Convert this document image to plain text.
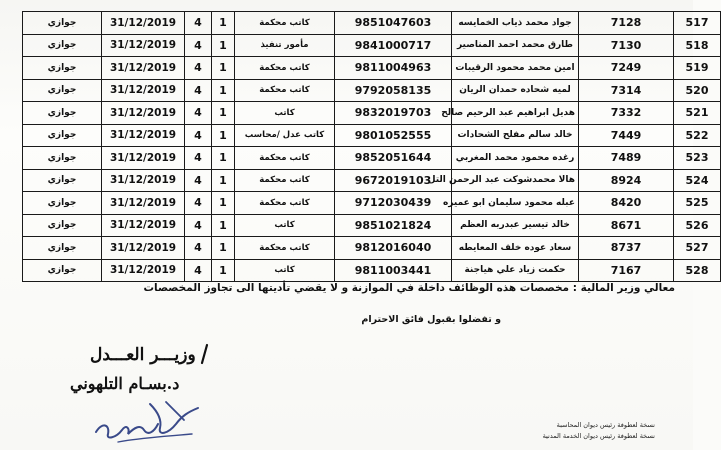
جوازي	31/12/2019	4	1	كاتب محكمة	9851047603	جواد محمد ذياب الخمايسه	7128	517
جوازي	31/12/2019	4	1	مأمور تنفيذ	9841000717	طارق محمد احمد المناصير	7130	518
جوازي	31/12/2019	4	1	كاتب محكمة	9811004963	امين محمد محمود الرقيبات	7249	519
جوازي	31/12/2019	4	1	كاتب محكمة	9792058135	لميه شحاده حمدان الريان	7314	520
جوازي	31/12/2019	4	1	كاتب	9832019703	هديل ابراهيم عبد الرحيم صالح	7332	521
جوازي	31/12/2019	4	1	كاتب عدل /محاسب	9801052555	خالد سالم مفلح الشحادات	7449	522
جوازي	31/12/2019	4	1	كاتب محكمة	9852051644	رغده محمود محمد المغربي	7489	523
جوازي	31/12/2019	4	1	كاتب محكمة	9672019103	هالا محمدشوكت عبد الرحمن التل	8924	524
جوازي	31/12/2019	4	1	كاتب محكمة	9712030439	عبله محمود سليمان ابو عميره	8420	525
جوازي	31/12/2019	4	1	كاتب	9851021824	خالد تيسير عبدربه العظم	8671	526
جوازي	31/12/2019	4	1	كاتب محكمة	9812016040	سعاد عوده خلف المعايطه	8737	527
جوازي	31/12/2019	4	1	كاتب	9811003441	حكمت زياد علي هياجنة	7167	528
معالي وزير المالية : مخصصات هذه الوظائف داخلة في الموازنة و لا يقضي تأديتها الى تجاوز المخصصات
و تفضلوا بقبول فائق الاحترام
وزيـــر العـــدل
د.بسـام التلهوني
نسخة لعطوفة رئيس ديوان المحاسبة
نسخة لعطوفة رئيس ديوان الخدمة المدنية
